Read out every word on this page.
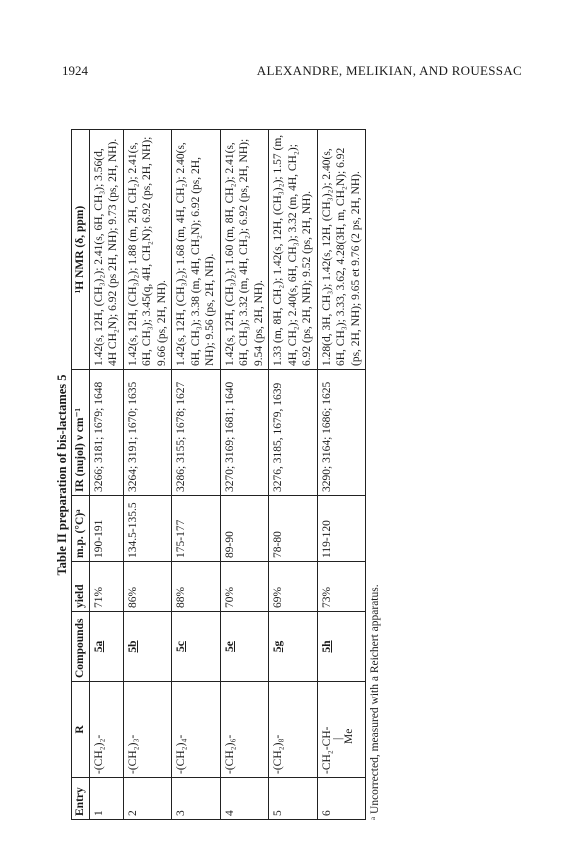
1924	ALEXANDRE, MELIKIAN, AND ROUESSAC
Table II preparation of bis-lactames 5
Entry	R	Compounds	yield	m.p. (°C)ᵃ	IR (nujol) ν cm⁻¹	¹H NMR (δ, ppm)
1	-(CH₂)₂-	5a	71%	190-191	3266; 3181; 1679; 1648	1.42(s, 12H, (CH₃)₂); 2.41(s, 6H, CH₃); 3.56(d, 4H CH₂N); 6.92 (ps 2H, NH); 9.73 (ps, 2H, NH).
2	-(CH₂)₃-	5b	86%	134.5-135.5	3264; 3191; 1670; 1635	1.42(s, 12H, (CH₃)₂); 1.88 (m, 2H, CH₂); 2.41(s, 6H, CH₃); 3.45(q, 4H, CH₂N); 6.92 (ps, 2H, NH); 9.66 (ps, 2H, NH).
3	-(CH₂)₄-	5c	88%	175-177	3286; 3155; 1678; 1627	1.42(s, 12H, (CH₃)₂); 1.68 (m, 4H, CH₂); 2.40(s, 6H, CH₃); 3.38 (m, 4H, CH₂N); 6.92 (ps, 2H, NH); 9.56 (ps, 2H, NH).
4	-(CH₂)₆-	5e	70%	89-90	3270; 3169; 1681; 1640	1.42(s, 12H, (CH₃)₂); 1.60 (m, 8H, CH₂); 2.41(s, 6H, CH₃); 3.32 (m, 4H, CH₂); 6.92 (ps, 2H, NH); 9.54 (ps, 2H, NH).
5	-(CH₂)₈-	5g	69%	78-80	3276, 3185, 1679, 1639	1.33 (m, 8H, CH₂); 1.42(s, 12H, (CH₃)₂); 1.57 (m, 4H, CH₂); 2.40(s, 6H, CH₃); 3.32 (m, 4H, CH₂); 6.92 (ps, 2H, NH); 9.52 (ps, 2H, NH).
6	-CH₂-CH- | Me	5h	73%	119-120	3290; 3164; 1686; 1625	1.28(d, 3H, CH₃); 1.42(s, 12H, (CH₃)₂); 2.40(s, 6H, CH₃); 3.33, 3.62, 4.28(3H, m, CH₂N); 6.92 (ps, 2H, NH); 9.65 et 9.76 (2 ps, 2H, NH).
ᵃ Uncorrected, measured with a Reichert apparatus.
